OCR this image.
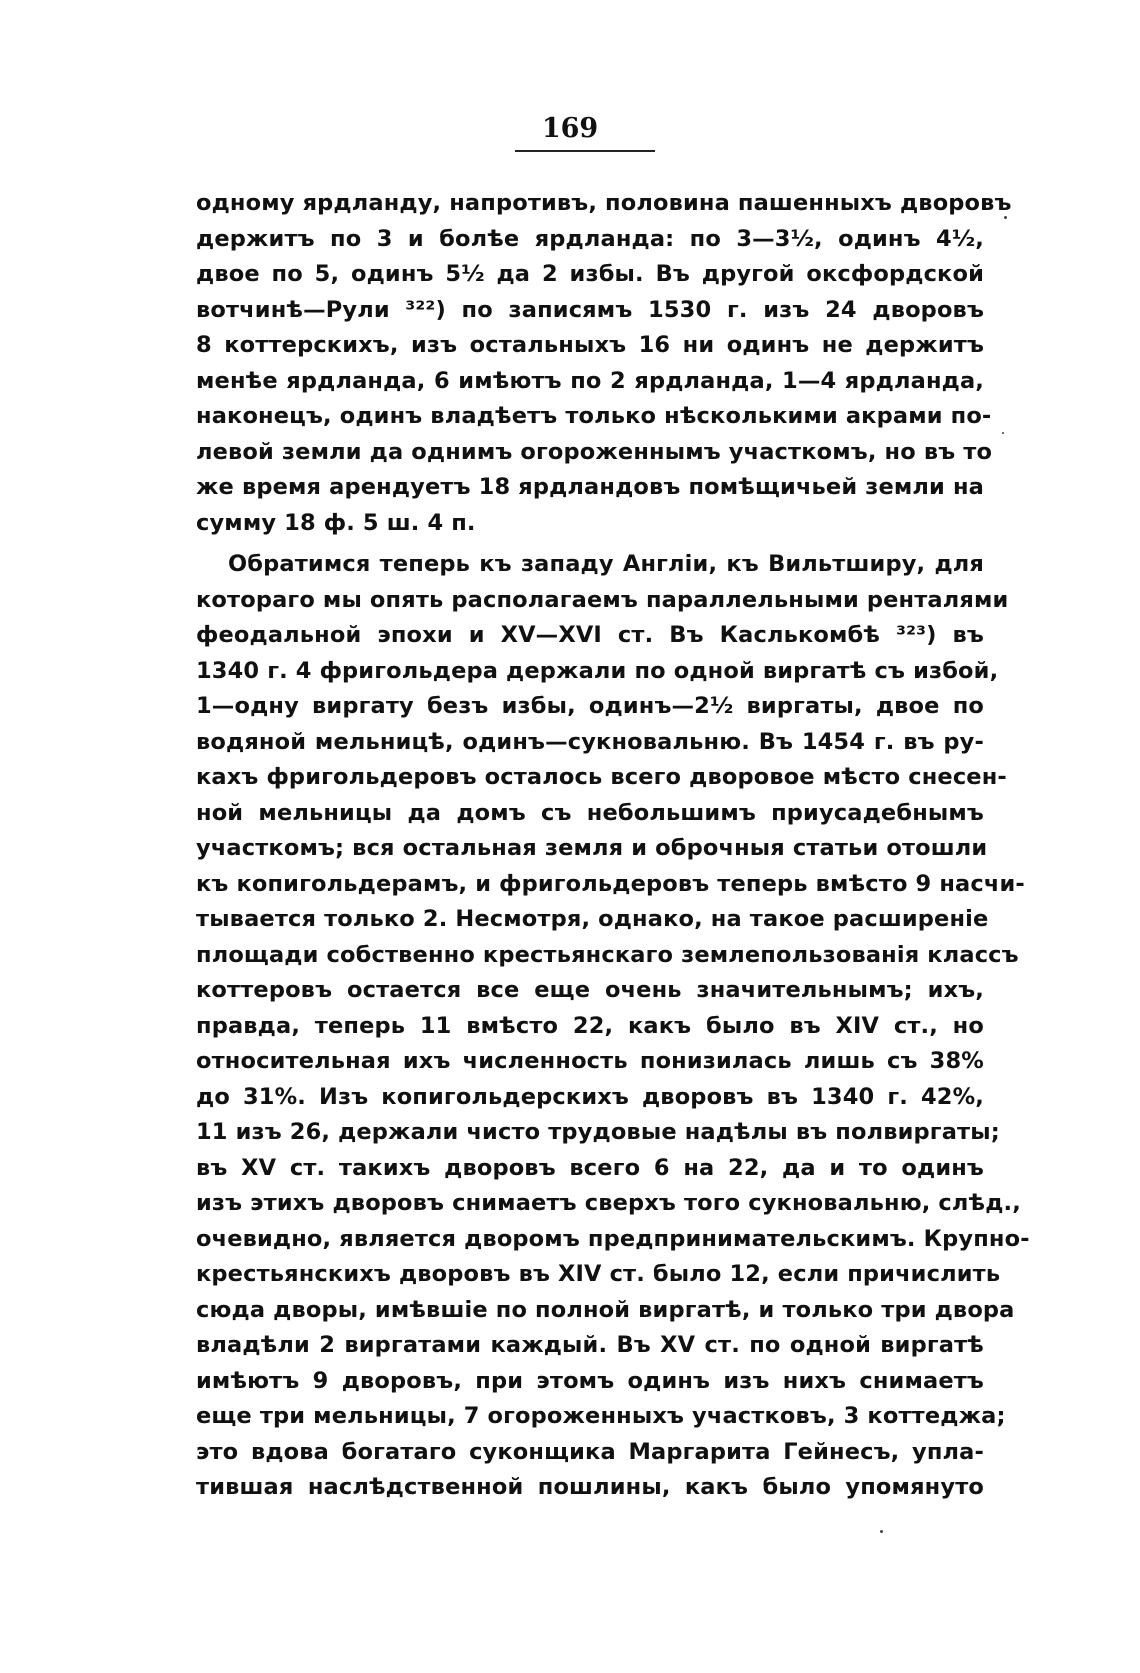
169
одному ярдланду, напротивъ, половина пашенныхъ дворовъ
держитъ по 3 и болѣе ярдланда: по 3—3½, одинъ 4½,
двое по 5, одинъ 5½ да 2 избы. Въ другой оксфордской
вотчинѣ—Рули ³²²) по записямъ 1530 г. изъ 24 дворовъ
8 коттерскихъ, изъ остальныхъ 16 ни одинъ не держитъ
менѣе ярдланда, 6 имѣютъ по 2 ярдланда, 1—4 ярдланда,
наконецъ, одинъ владѣетъ только нѣсколькими акрами по-
левой земли да однимъ огороженнымъ участкомъ, но въ то
же время арендуетъ 18 ярдландовъ помѣщичьей земли на
сумму 18 ф. 5 ш. 4 п.
Обратимся теперь къ западу Англіи, къ Вильтширу, для
котораго мы опять располагаемъ параллельными ренталями
феодальной эпохи и XV—XVI ст. Въ Каслькомбѣ ³²³) въ
1340 г. 4 фригольдера держали по одной виргатѣ съ избой,
1—одну виргату безъ избы, одинъ—2½ виргаты, двое по
водяной мельницѣ, одинъ—сукновальню. Въ 1454 г. въ ру-
кахъ фригольдеровъ осталось всего дворовое мѣсто снесен-
ной мельницы да домъ съ небольшимъ приусадебнымъ
участкомъ; вся остальная земля и оброчныя статьи отошли
къ копигольдерамъ, и фригольдеровъ теперь вмѣсто 9 насчи-
тывается только 2. Несмотря, однако, на такое расширеніе
площади собственно крестьянскаго землепользованія классъ
коттеровъ остается все еще очень значительнымъ; ихъ,
правда, теперь 11 вмѣсто 22, какъ было въ XIV ст., но
относительная ихъ численность понизилась лишь съ 38%
до 31%. Изъ копигольдерскихъ дворовъ въ 1340 г. 42%,
11 изъ 26, держали чисто трудовые надѣлы въ полвиргаты;
въ XV ст. такихъ дворовъ всего 6 на 22, да и то одинъ
изъ этихъ дворовъ снимаетъ сверхъ того сукновальню, слѣд.,
очевидно, является дворомъ предпринимательскимъ. Крупно-
крестьянскихъ дворовъ въ XIV ст. было 12, если причислить
сюда дворы, имѣвшіе по полной виргатѣ, и только три двора
владѣли 2 виргатами каждый. Въ XV ст. по одной виргатѣ
имѣютъ 9 дворовъ, при этомъ одинъ изъ нихъ снимаетъ
еще три мельницы, 7 огороженныхъ участковъ, 3 коттеджа;
это вдова богатаго суконщика Маргарита Гейнесъ, упла-
тившая наслѣдственной пошлины, какъ было упомянуто
